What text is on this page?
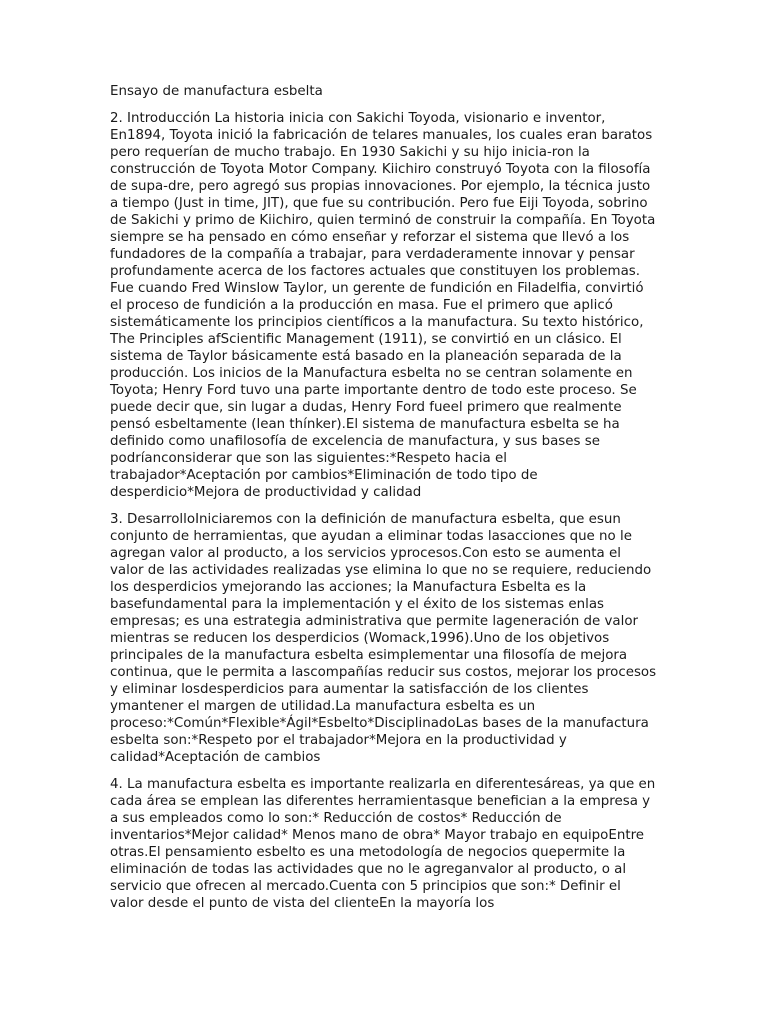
Ensayo de manufactura esbelta

2. Introducción La historia inicia con Sakichi Toyoda, visionario e inventor, En1894, Toyota inició la fabricación de telares manuales, los cuales eran baratos pero requerían de mucho trabajo. En 1930 Sakichi y su hijo inicia-ron la construcción de Toyota Motor Company. Kiichiro construyó Toyota con la filosofía de supa-dre, pero agregó sus propias innovaciones. Por ejemplo, la técnica justo a tiempo (Just in time, JIT), que fue su contribución. Pero fue Eiji Toyoda, sobrino de Sakichi y primo de Kiichiro, quien terminó de construir la compañía. En Toyota siempre se ha pensado en cómo enseñar y reforzar el sistema que llevó a los fundadores de la compañía a trabajar, para verdaderamente innovar y pensar profundamente acerca de los factores actuales que constituyen los problemas. Fue cuando Fred Winslow Taylor, un gerente de fundición en Filadelfia, convirtió el proceso de fundición a la producción en masa. Fue el primero que aplicó sistemáticamente los principios científicos a la manufactura. Su texto histórico, The PrincipIes afScientific Management (1911), se convirtió en un clásico. El sistema de Taylor básicamente está basado en la planeación separada de la producción. Los inicios de la Manufactura esbelta no se centran solamente en Toyota; Henry Ford tuvo una parte importante dentro de todo este proceso. Se puede decir que, sin lugar a dudas, Henry Ford fueel primero que realmente pensó esbeltamente (lean thínker).El sistema de manufactura esbelta se ha definido como unafilosofía de excelencia de manufactura, y sus bases se podríanconsiderar que son las siguientes:*Respeto hacia el trabajador*Aceptación por cambios*Eliminación de todo tipo de desperdicio*Mejora de productividad y calidad

3. DesarrolloIniciaremos con la definición de manufactura esbelta, que esun conjunto de herramientas, que ayudan a eliminar todas lasacciones que no le agregan valor al producto, a los servicios yprocesos.Con esto se aumenta el valor de las actividades realizadas yse elimina lo que no se requiere, reduciendo los desperdicios ymejorando las acciones; la Manufactura Esbelta es la basefundamental para la implementación y el éxito de los sistemas enlas empresas; es una estrategia administrativa que permite lageneración de valor mientras se reducen los desperdicios (Womack,1996).Uno de los objetivos principales de la manufactura esbelta esimplementar una filosofía de mejora continua, que le permita a lascompañías reducir sus costos, mejorar los procesos y eliminar losdesperdicios para aumentar la satisfacción de los clientes ymantener el margen de utilidad.La manufactura esbelta es un proceso:*Común*Flexible*Ágil*Esbelto*DisciplinadoLas bases de la manufactura esbelta son:*Respeto por el trabajador*Mejora en la productividad y calidad*Aceptación de cambios

4. La manufactura esbelta es importante realizarla en diferentesáreas, ya que en cada área se emplean las diferentes herramientasque benefician a la empresa y a sus empleados como lo son:* Reducción de costos* Reducción de inventarios*Mejor calidad* Menos mano de obra* Mayor trabajo en equipoEntre otras.El pensamiento esbelto es una metodología de negocios quepermite la eliminación de todas las actividades que no le agreganvalor al producto, o al servicio que ofrecen al mercado.Cuenta con 5 principios que son:* Definir el valor desde el punto de vista del clienteEn la mayoría los
